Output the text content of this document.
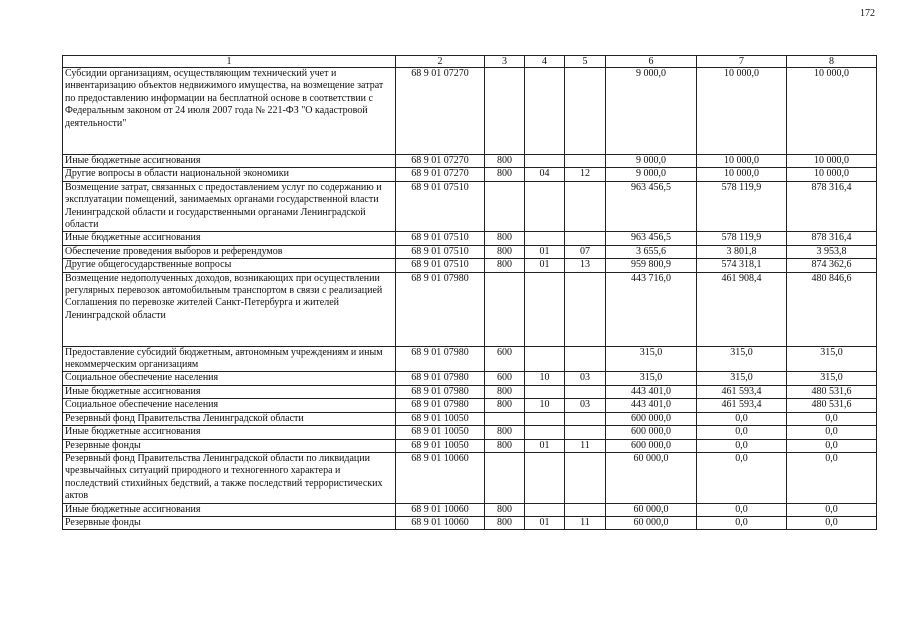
172
1	2	3	4	5	6	7	8
Субсидии организациям, осуществляющим технический учет и инвентаризацию объектов недвижимого имущества, на возмещение затрат по предоставлению информации на бесплатной основе в соответствии с Федеральным законом от 24 июля 2007 года № 221-ФЗ "О кадастровой деятельности"	68 9 01 07270				9 000,0	10 000,0	10 000,0
Иные бюджетные ассигнования	68 9 01 07270	800			9 000,0	10 000,0	10 000,0
Другие вопросы в области национальной экономики	68 9 01 07270	800	04	12	9 000,0	10 000,0	10 000,0
Возмещение затрат, связанных с предоставлением услуг по содержанию и эксплуатации помещений, занимаемых органами государственной власти Ленинградской области и государственными органами Ленинградской области	68 9 01 07510				963 456,5	578 119,9	878 316,4
Иные бюджетные ассигнования	68 9 01 07510	800			963 456,5	578 119,9	878 316,4
Обеспечение проведения выборов и референдумов	68 9 01 07510	800	01	07	3 655,6	3 801,8	3 953,8
Другие общегосударственные вопросы	68 9 01 07510	800	01	13	959 800,9	574 318,1	874 362,6
Возмещение недополученных доходов, возникающих при осуществлении регулярных перевозок автомобильным транспортом в связи с реализацией Соглашения по перевозке жителей Санкт-Петербурга и жителей Ленинградской области	68 9 01 07980				443 716,0	461 908,4	480 846,6
Предоставление субсидий бюджетным, автономным учреждениям и иным некоммерческим организациям	68 9 01 07980	600			315,0	315,0	315,0
Социальное обеспечение населения	68 9 01 07980	600	10	03	315,0	315,0	315,0
Иные бюджетные ассигнования	68 9 01 07980	800			443 401,0	461 593,4	480 531,6
Социальное обеспечение населения	68 9 01 07980	800	10	03	443 401,0	461 593,4	480 531,6
Резервный фонд Правительства Ленинградской области	68 9 01 10050				600 000,0	0,0	0,0
Иные бюджетные ассигнования	68 9 01 10050	800			600 000,0	0,0	0,0
Резервные фонды	68 9 01 10050	800	01	11	600 000,0	0,0	0,0
Резервный фонд Правительства Ленинградской области по ликвидации чрезвычайных ситуаций природного и техногенного характера и последствий стихийных бедствий, а также последствий террористических актов	68 9 01 10060				60 000,0	0,0	0,0
Иные бюджетные ассигнования	68 9 01 10060	800			60 000,0	0,0	0,0
Резервные фонды	68 9 01 10060	800	01	11	60 000,0	0,0	0,0
